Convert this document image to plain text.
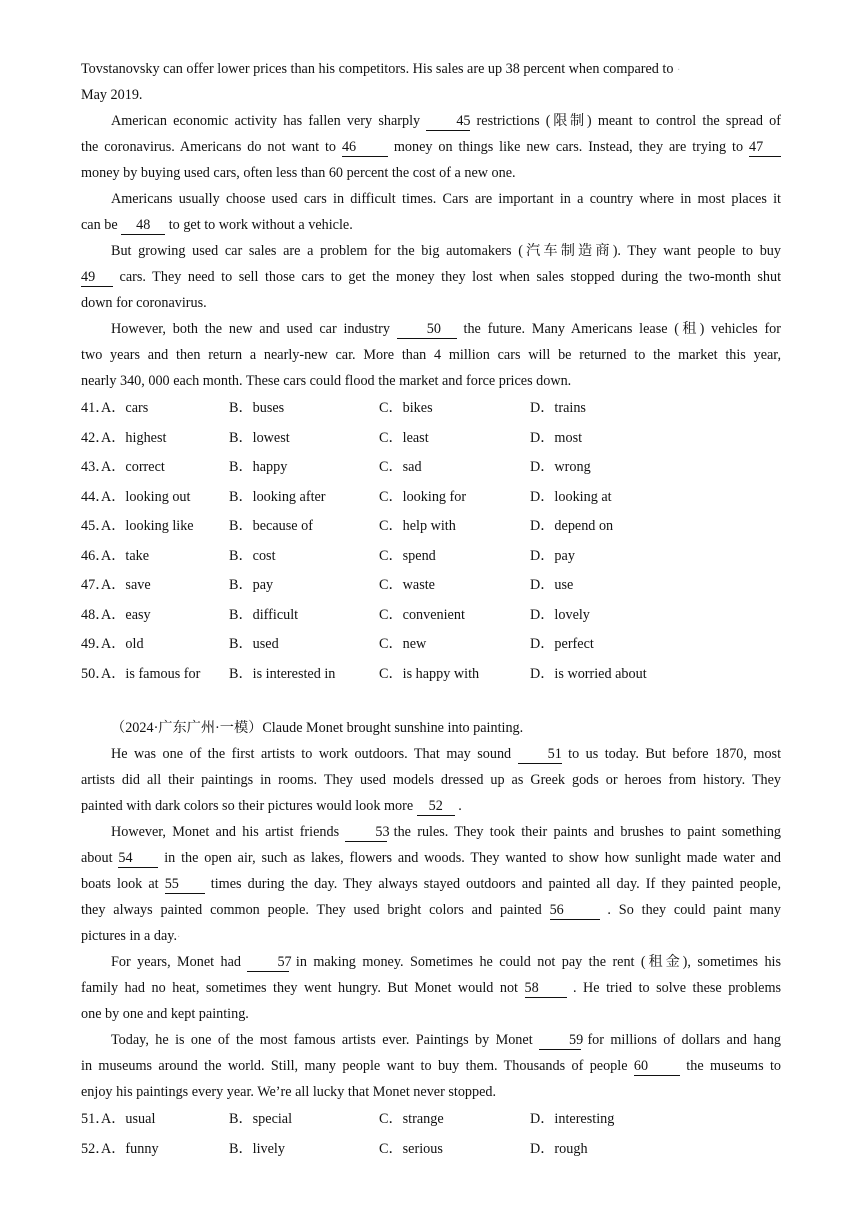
Tovstanovsky can offer lower prices than his competitors. His sales are up 38 percent when compared to ·
May 2019.
American economic activity has fallen very sharply	45 restrictions (限制) meant to control the spread of
the coronavirus. Americans do not want to 46	money on things like new cars. Instead, they are trying to 47
money by buying used cars, often less than 60 percent the cost of a new one.
Americans usually choose used cars in difficult times. Cars are important in a country where in most places it
can be 48 to get to work without a vehicle.
But growing used car sales are a problem for the big automakers (汽车制造商). They want people to buy
49 cars. They need to sell those cars to get the money they lost when sales stopped during the two-month shut
down for coronavirus.
However, both the new and used car industry	50 the future. Many Americans lease (租) vehicles for
two years and then return a nearly-new car. More than 4 million cars will be returned to the market this year,
nearly 340, 000 each month. These cars could flood the market and force prices down.
41．
A．cars	B．buses	C．bikes	D．trains
42．
A．highest	B．lowest	C．least	D．most
43．
A．correct	B．happy	C．sad	D．wrong
44．
A．looking out	B．looking after	C．looking for	D．looking at
45．
A．looking like B．because of	C．help with	D．depend on
46．
A．take	B．cost	C．spend	D．pay
47．
A．save	B．pay	C．waste	D．use
48．
A．easy	B．difficult	C．convenient	D．lovely
49．
A．old	B．used	C．new	D．perfect
50．
A．is famous for B．is interested in	C．is happy with	D．is worried about
（2024·广东广州·一模）Claude Monet brought sunshine into painting.
He was one of the first artists to work outdoors. That may sound	51 to us today. But before 1870, most
artists did all their paintings in rooms. They used models dressed up as Greek gods or heroes from history. They
painted with dark colors so their pictures would look more 52 .
However, Monet and his artist friends	53 the rules. They took their paints and brushes to paint something
about 54 in the open air, such as lakes, flowers and woods. They wanted to show how sunlight made water and
boats look at 55 times during the day. They always stayed outdoors and painted all day. If they painted people,
they always painted common people. They used bright colors and painted 56	. So they could paint many
pictures in a day.·
For years, Monet had	57 in making money. Sometimes he could not pay the rent (租金), sometimes his
family had no heat, sometimes they went hungry. But Monet would not 58 . He tried to solve these problems
one by one and kept painting.
Today, he is one of the most famous artists ever. Paintings by Monet	59 for millions of dollars and hang
in museums around the world. Still, many people want to buy them. Thousands of people 60	the museums to
enjoy his paintings every year. We’re all lucky that Monet never stopped.
51．
A．usual	B．special	C．strange	D．interesting
52．
A．funny	B．lively	C．serious	D．rough
